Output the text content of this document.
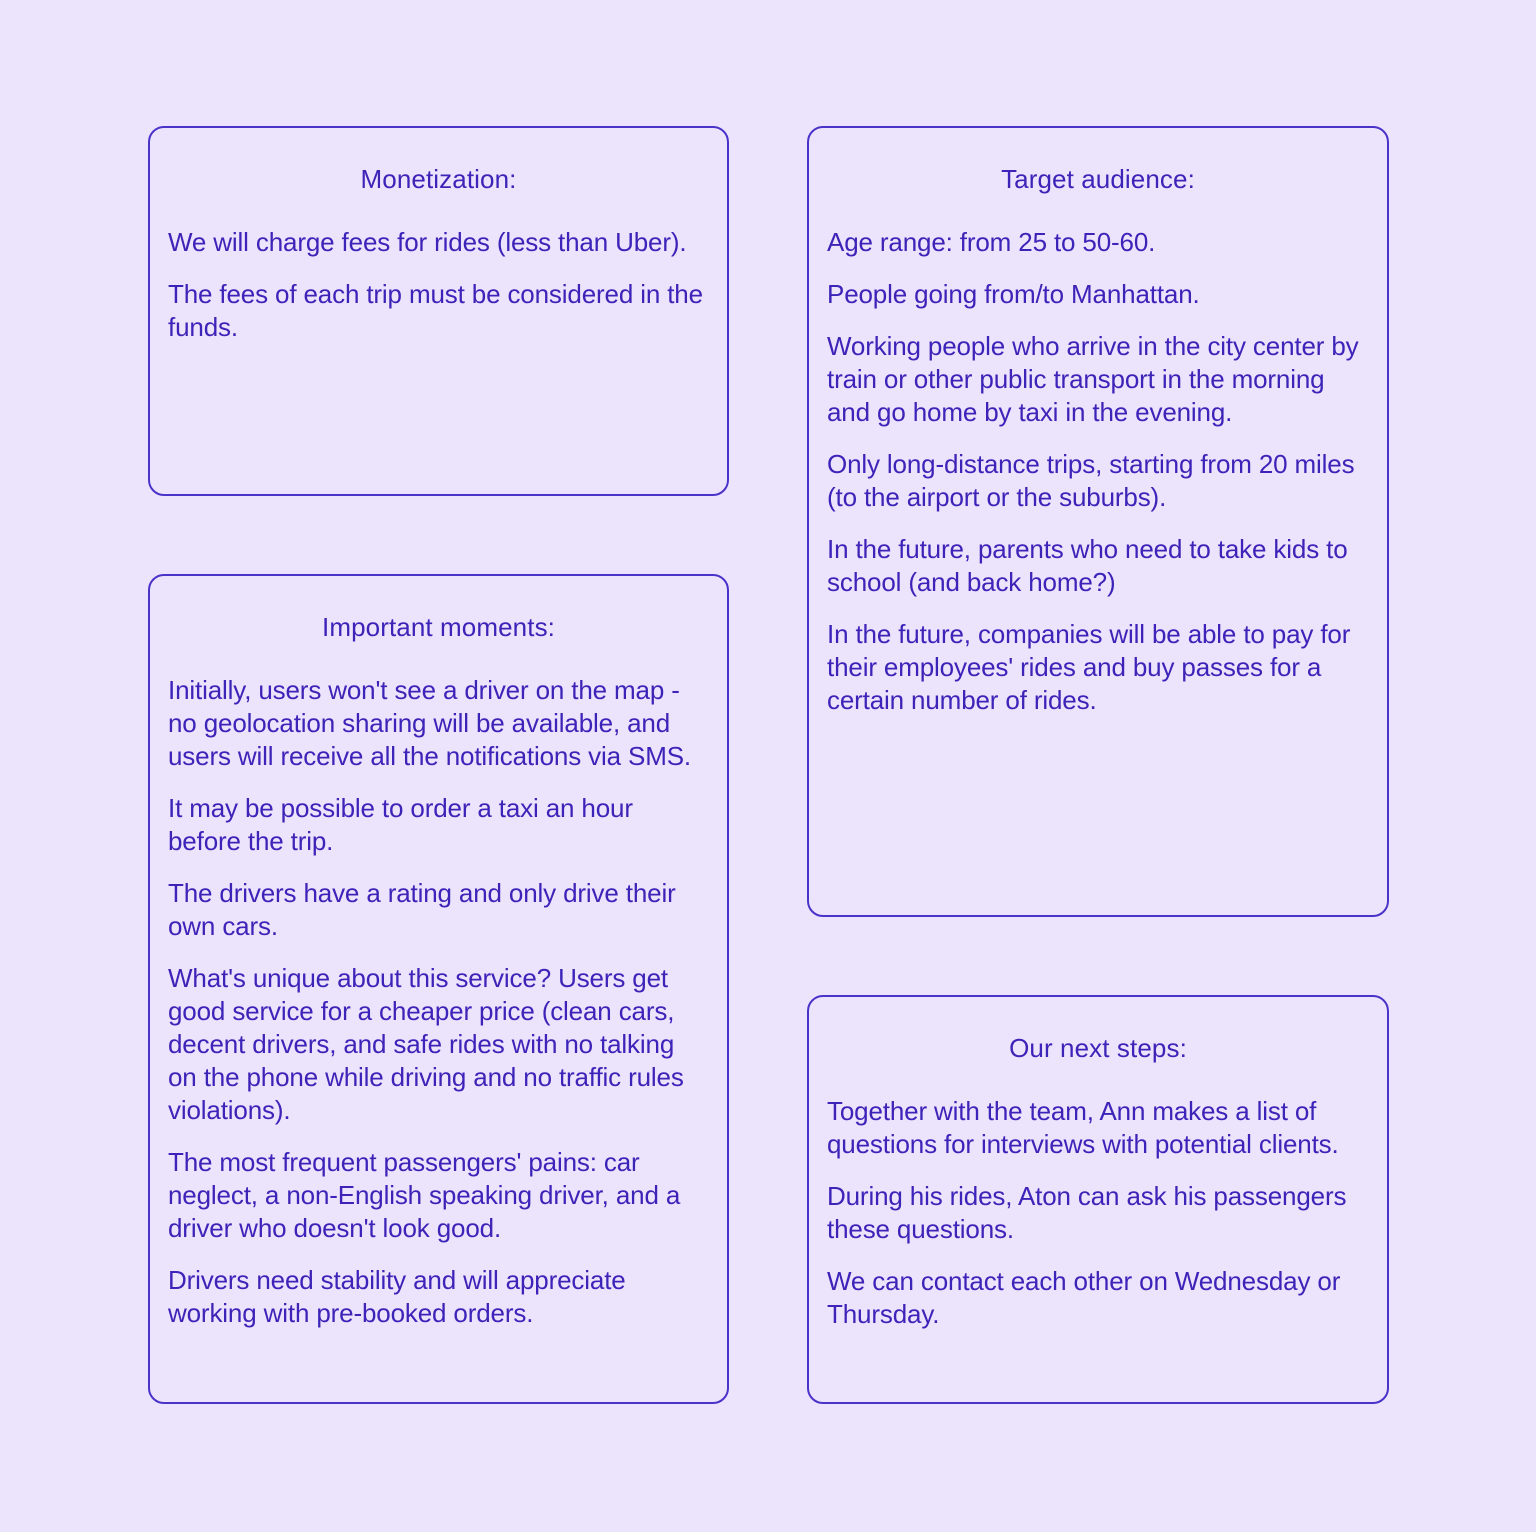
Monetization:

We will charge fees for rides (less than Uber).

The fees of each trip must be considered in the funds.

Important moments:

Initially, users won't see a driver on the map - no geolocation sharing will be available, and users will receive all the notifications via SMS.

It may be possible to order a taxi an hour before the trip.

The drivers have a rating and only drive their own cars.

What's unique about this service? Users get good service for a cheaper price (clean cars, decent drivers, and safe rides with no talking on the phone while driving and no traffic rules violations).

The most frequent passengers' pains: car neglect, a non-English speaking driver, and a driver who doesn't look good.

Drivers need stability and will appreciate working with pre-booked orders.

Target audience:

Age range: from 25 to 50-60.

People going from/to Manhattan.

Working people who arrive in the city center by train or other public transport in the morning and go home by taxi in the evening.

Only long-distance trips, starting from 20 miles (to the airport or the suburbs).

In the future, parents who need to take kids to school (and back home?)

In the future, companies will be able to pay for their employees' rides and buy passes for a certain number of rides.

Our next steps:

Together with the team, Ann makes a list of questions for interviews with potential clients.

During his rides, Aton can ask his passengers these questions.

We can contact each other on Wednesday or Thursday.
